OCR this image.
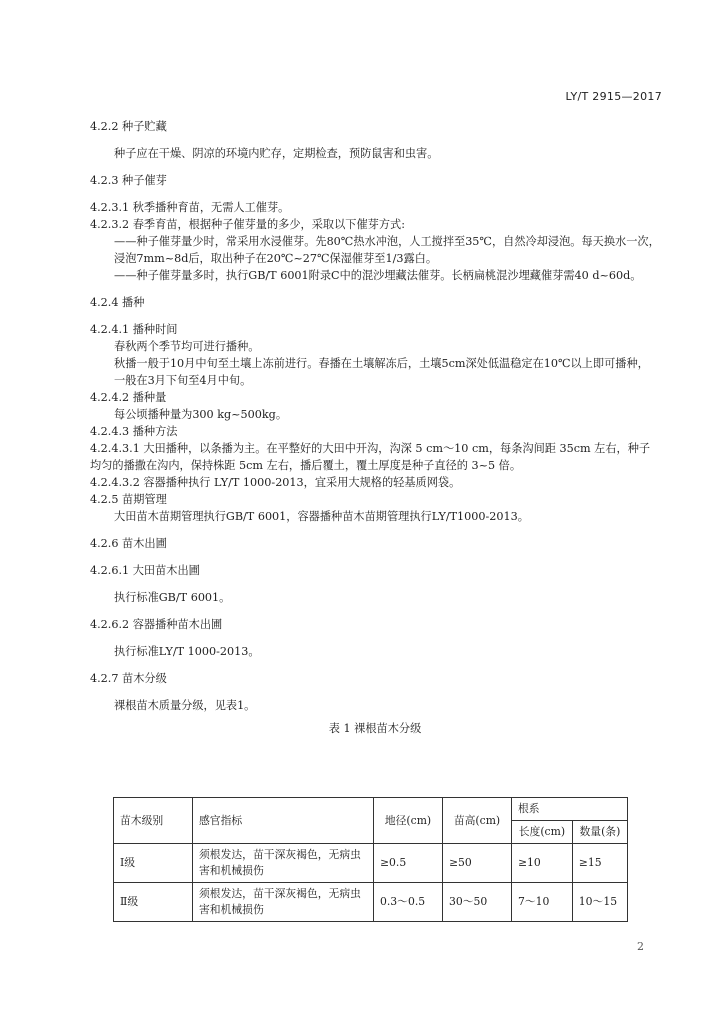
LY/T 2915—2017

4.2.2 种子贮藏

种子应在干燥、阴凉的环境内贮存，定期检查，预防鼠害和虫害。

4.2.3 种子催芽

4.2.3.1 秋季播种育苗，无需人工催芽。

4.2.3.2 春季育苗，根据种子催芽量的多少，采取以下催芽方式:

——种子催芽量少时，常采用水浸催芽。先80℃热水冲泡，人工搅拌至35℃，自然冷却浸泡。每天换水一次，浸泡7mm~8d后，取出种子在20℃~27℃保湿催芽至1/3露白。

——种子催芽量多时，执行GB/T 6001附录C中的混沙埋藏法催芽。长柄扁桃混沙埋藏催芽需40 d~60d。

4.2.4 播种

4.2.4.1 播种时间

春秋两个季节均可进行播种。

秋播一般于10月中旬至土壤上冻前进行。春播在土壤解冻后，土壤5cm深处低温稳定在10℃以上即可播种，一般在3月下旬至4月中旬。

4.2.4.2 播种量

每公顷播种量为300 kg~500kg。

4.2.4.3 播种方法

4.2.4.3.1 大田播种，以条播为主。在平整好的大田中开沟，沟深 5 cm～10 cm，每条沟间距 35cm 左右，种子均匀的播撒在沟内，保持株距 5cm 左右，播后覆土，覆土厚度是种子直径的 3~5 倍。

4.2.4.3.2 容器播种执行 LY/T 1000-2013，宜采用大规格的轻基质网袋。

4.2.5 苗期管理

大田苗木苗期管理执行GB/T 6001，容器播种苗木苗期管理执行LY/T1000-2013。

4.2.6 苗木出圃

4.2.6.1 大田苗木出圃

执行标准GB/T 6001。

4.2.6.2 容器播种苗木出圃

执行标准LY/T 1000-2013。

4.2.7 苗木分级

裸根苗木质量分级，见表1。

表 1 裸根苗木分级

苗木级别	感官指标	地径(cm)	苗高(cm)	根系	
				长度(cm)	数量(条)
Ⅰ级	须根发达，苗干深灰褐色，无病虫害和机械损伤	≥0.5	≥50	≥10	≥15
Ⅱ级	须根发达，苗干深灰褐色，无病虫害和机械损伤	0.3～0.5	30～50	7～10	10～15
2
